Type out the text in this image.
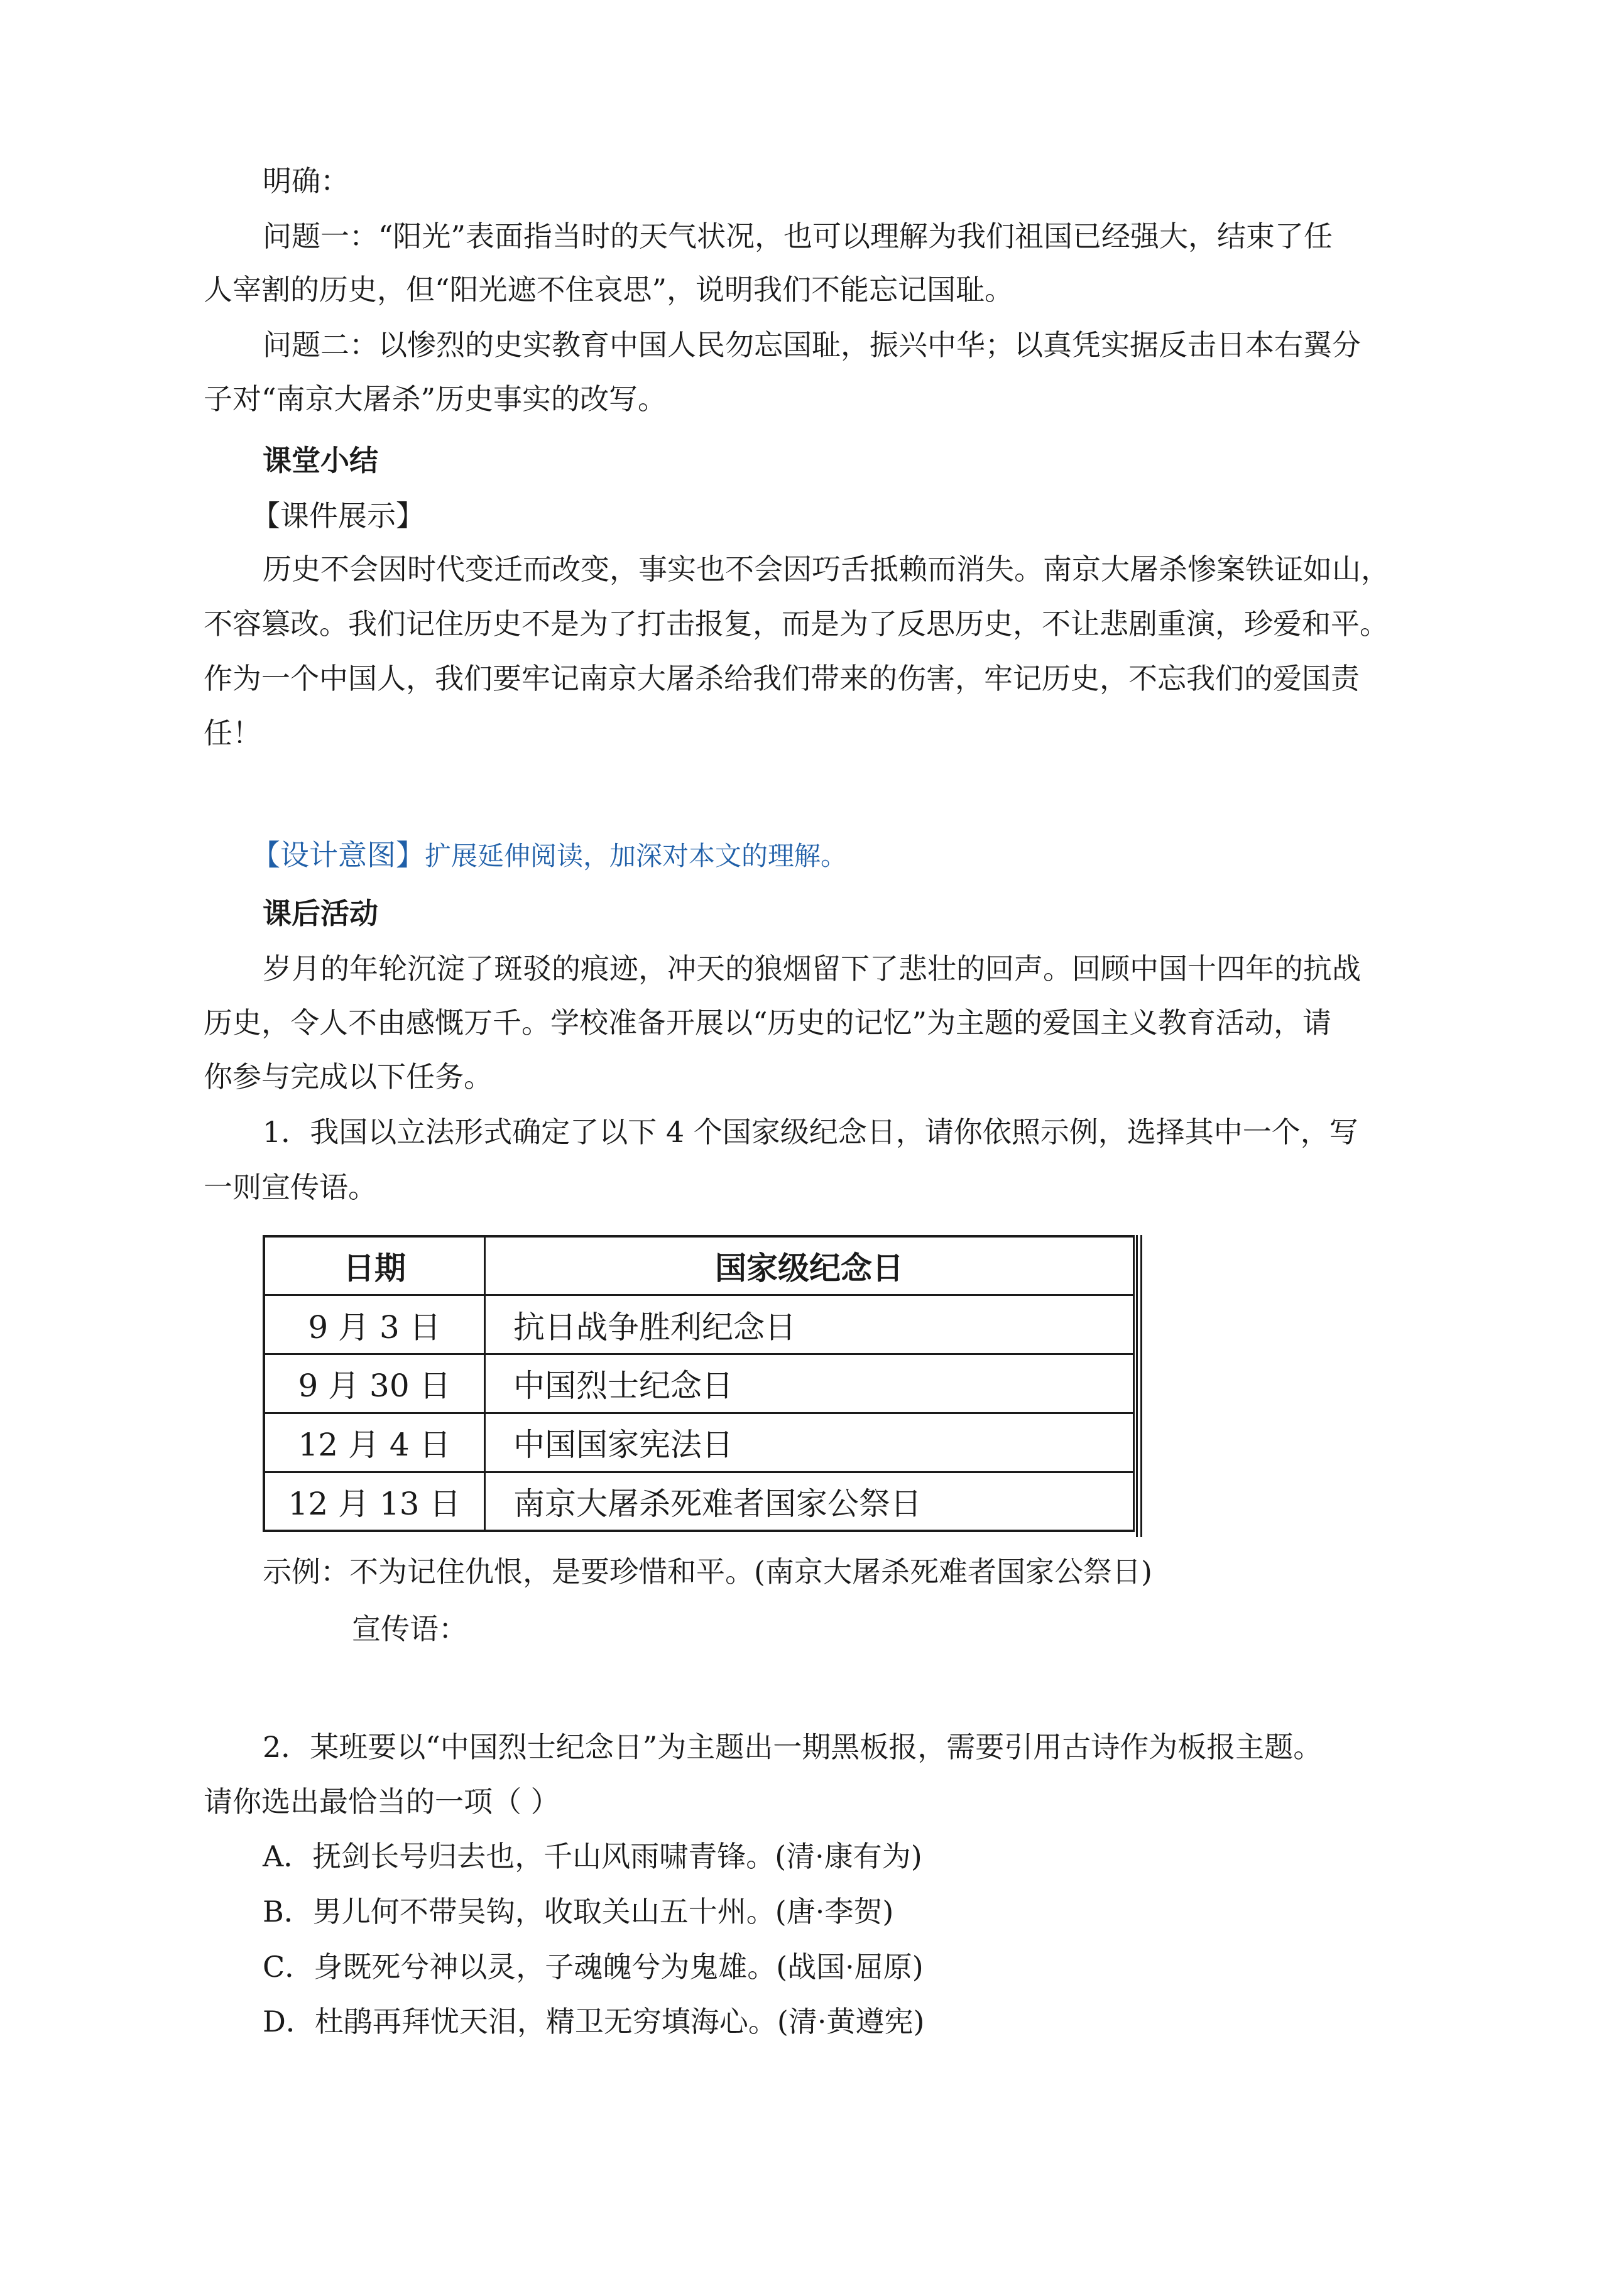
明确：
问题一：“阳光”表面指当时的天气状况，也可以理解为我们祖国已经强大，结束了任
人宰割的历史，但“阳光遮不住哀思”，说明我们不能忘记国耻。
问题二：以惨烈的史实教育中国人民勿忘国耻，振兴中华；以真凭实据反击日本右翼分
子对“南京大屠杀”历史事实的改写。
课堂小结
【课件展示】
历史不会因时代变迁而改变，事实也不会因巧舌抵赖而消失。南京大屠杀惨案铁证如山，
不容篡改。我们记住历史不是为了打击报复，而是为了反思历史，不让悲剧重演，珍爱和平。
作为一个中国人，我们要牢记南京大屠杀给我们带来的伤害，牢记历史，不忘我们的爱国责
任！
【设计意图】扩展延伸阅读，加深对本文的理解。
课后活动
岁月的年轮沉淀了斑驳的痕迹，冲天的狼烟留下了悲壮的回声。回顾中国十四年的抗战
历史，令人不由感慨万千。学校准备开展以“历史的记忆”为主题的爱国主义教育活动，请
你参与完成以下任务。
1．我国以立法形式确定了以下 4 个国家级纪念日，请你依照示例，选择其中一个，写
一则宣传语。
日期	国家级纪念日
9 月 3 日	抗日战争胜利纪念日
9 月 30 日	中国烈士纪念日
12 月 4 日	中国国家宪法日
12 月 13 日	南京大屠杀死难者国家公祭日
示例：不为记住仇恨，是要珍惜和平。(南京大屠杀死难者国家公祭日)
宣传语：
2．某班要以“中国烈士纪念日”为主题出一期黑板报，需要引用古诗作为板报主题。
请你选出最恰当的一项（ ）
A．抚剑长号归去也，千山风雨啸青锋。(清·康有为)
B．男儿何不带吴钩，收取关山五十州。(唐·李贺)
C．身既死兮神以灵，子魂魄兮为鬼雄。(战国·屈原)
D．杜鹃再拜忧天泪，精卫无穷填海心。(清·黄遵宪)
